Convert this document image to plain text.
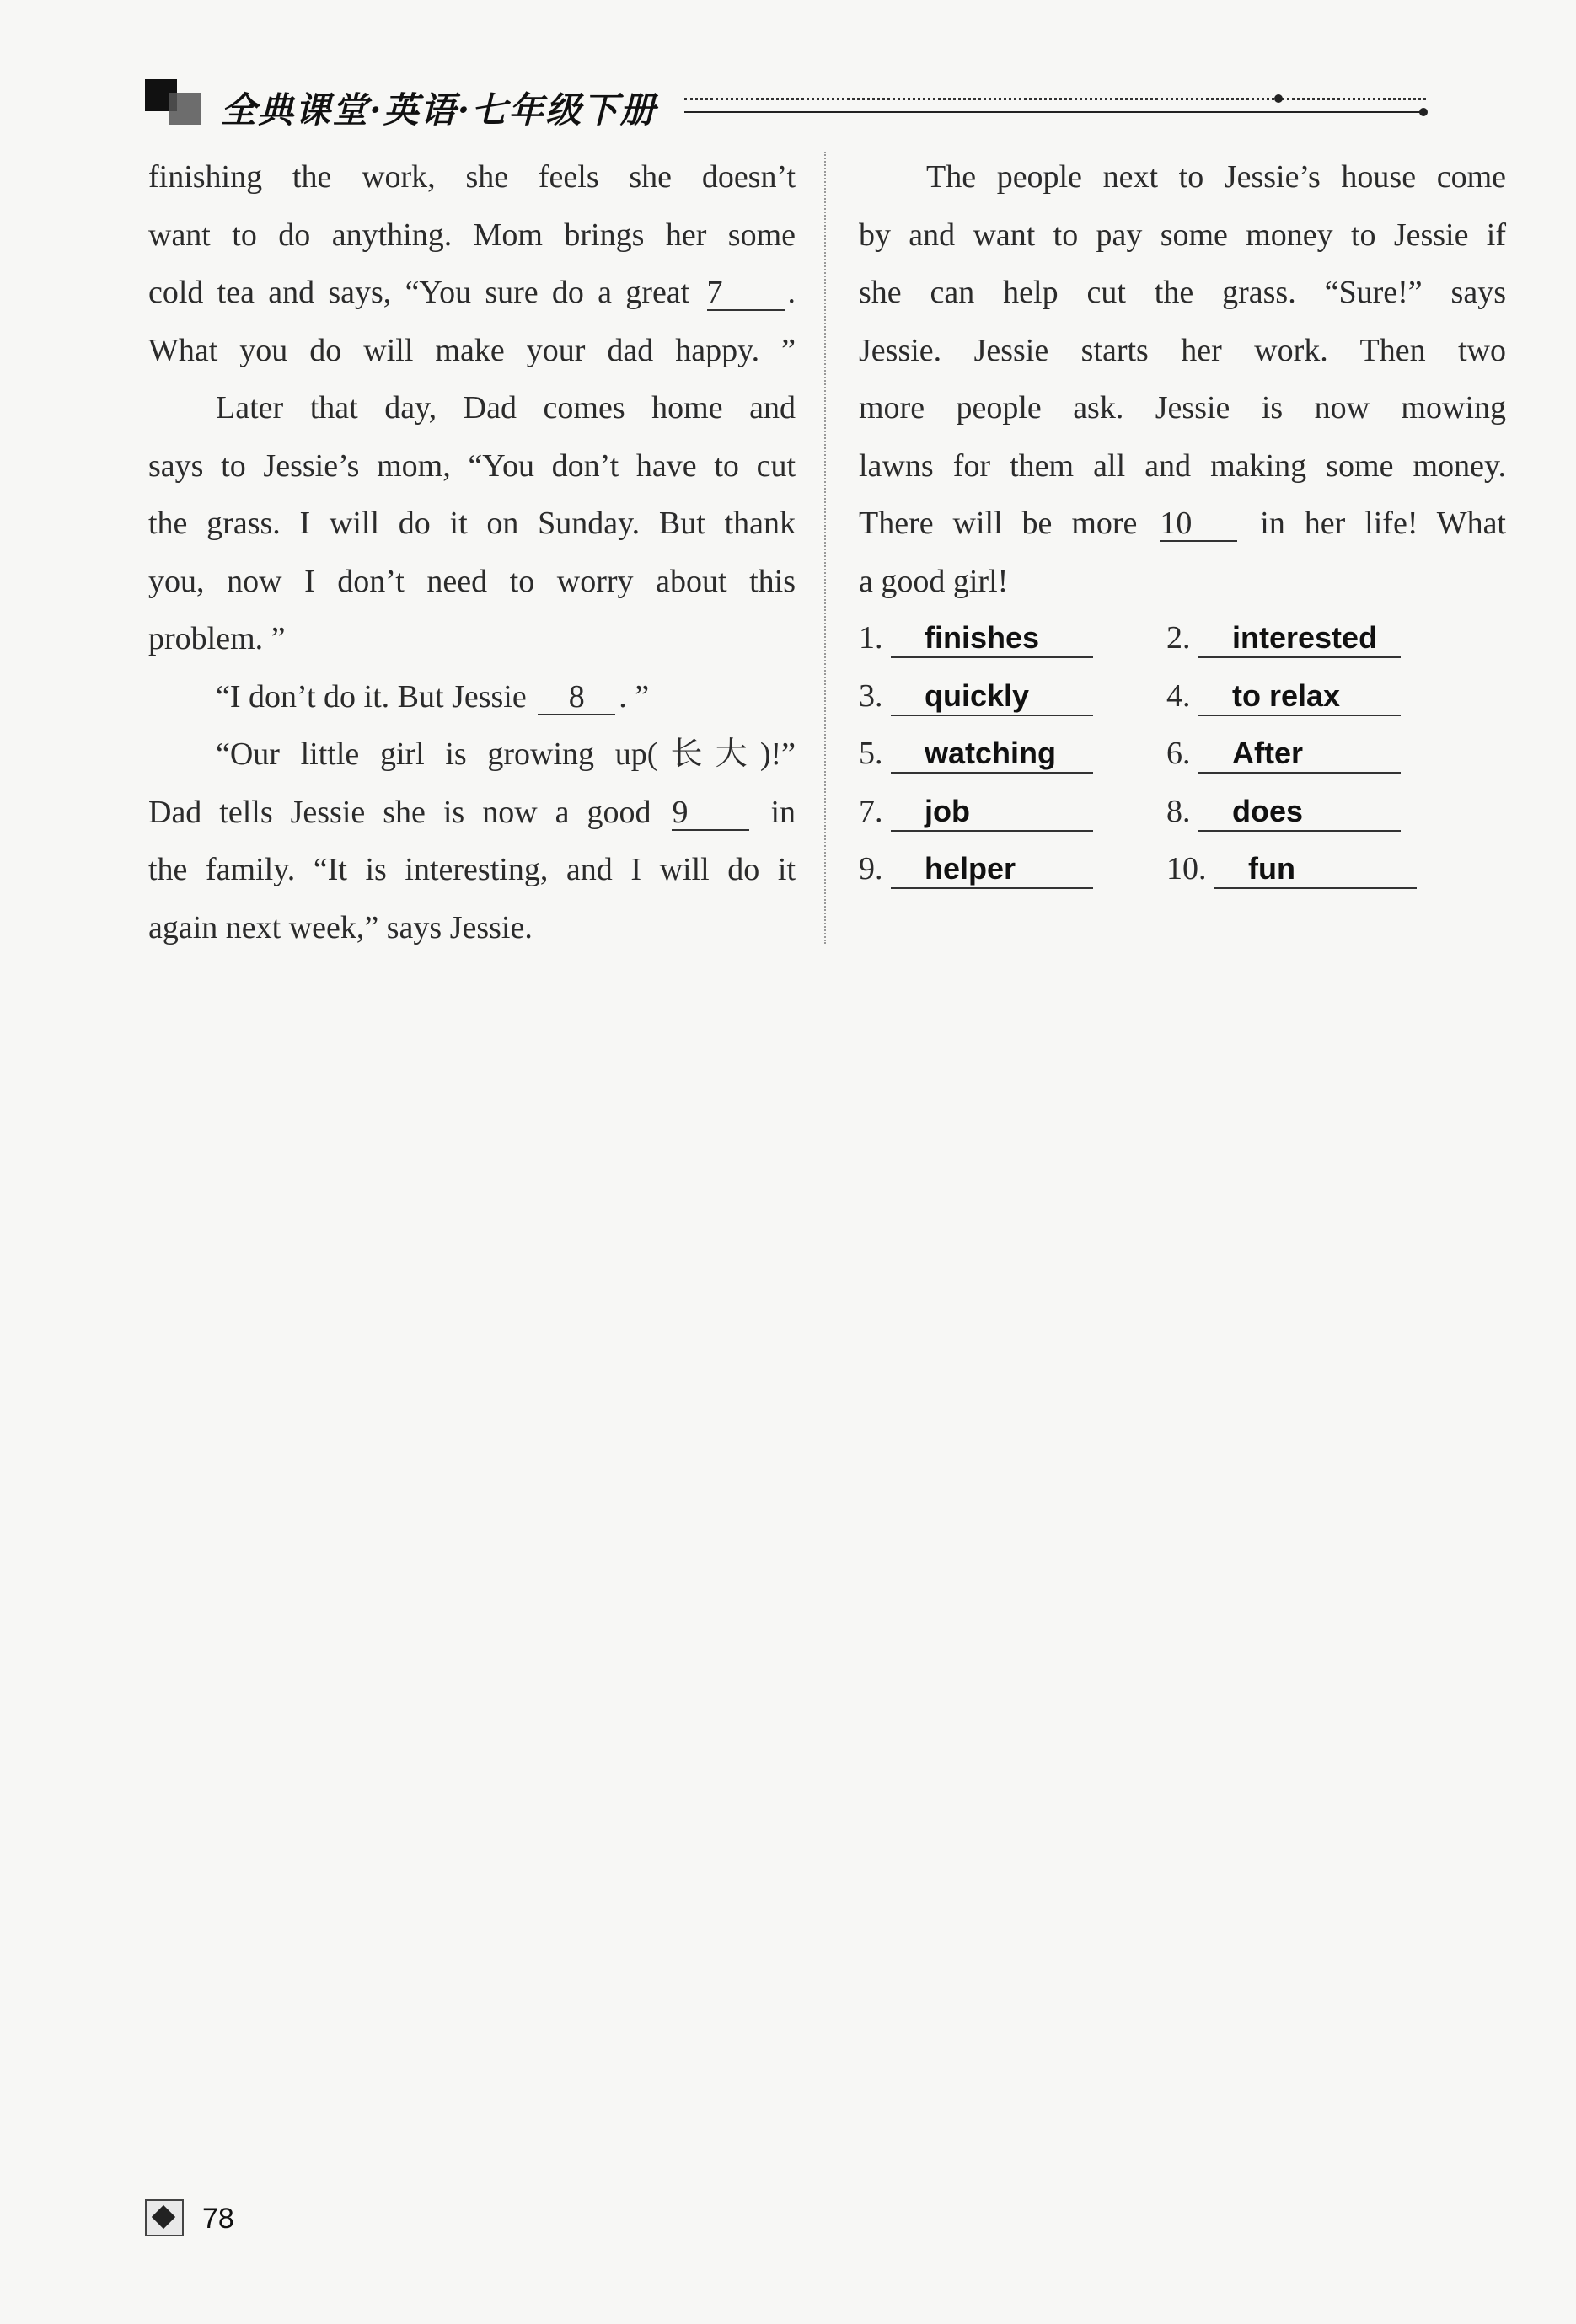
全典课堂·英语·七年级下册
finishing the work, she feels she doesn’t
want to do anything. Mom brings her some
cold tea and says, “You sure do a great 7 .
What you do will make your dad happy. ”
Later that day, Dad comes home and
says to Jessie’s mom, “You don’t have to cut
the grass. I will do it on Sunday. But thank
you, now I don’t need to worry about this
problem. ”
“I don’t do it. But Jessie 8 . ”
“Our little girl is growing up(长大)!”
Dad tells Jessie she is now a good 9	in
the family. “It is interesting, and I will do it
again next week,” says Jessie.
The people next to Jessie’s house come
by and want to pay some money to Jessie if
she can help cut the grass. “Sure!” says
Jessie. Jessie starts her work. Then two
more people ask. Jessie is now mowing
lawns for them all and making some money.
There will be more 10 in her life! What
a good girl!
1. finishes	2. interested
3. quickly	4. to relax
5. watching	6. After
7. job	8. does
9. helper	10. fun
78
